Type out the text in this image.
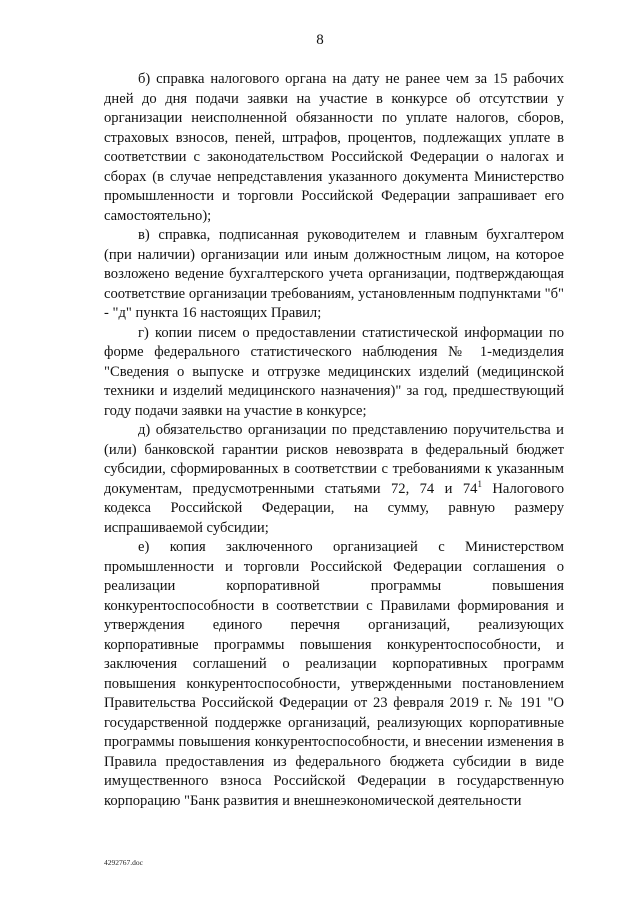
8

б) справка налогового органа на дату не ранее чем за 15 рабочих дней до дня подачи заявки на участие в конкурсе об отсутствии у организации неисполненной обязанности по уплате налогов, сборов, страховых взносов, пеней, штрафов, процентов, подлежащих уплате в соответствии с законодательством Российской Федерации о налогах и сборах (в случае непредставления указанного документа Министерство промышленности и торговли Российской Федерации запрашивает его самостоятельно);

в) справка, подписанная руководителем и главным бухгалтером (при наличии) организации или иным должностным лицом, на которое возложено ведение бухгалтерского учета организации, подтверждающая соответствие организации требованиям, установленным подпунктами "б" - "д" пункта 16 настоящих Правил;

г) копии писем о предоставлении статистической информации по форме федерального статистического наблюдения № 1-медизделия "Сведения о выпуске и отгрузке медицинских изделий (медицинской техники и изделий медицинского назначения)" за год, предшествующий году подачи заявки на участие в конкурсе;

д) обязательство организации по представлению поручительства и (или) банковской гарантии рисков невозврата в федеральный бюджет субсидии, сформированных в соответствии с требованиями к указанным документам, предусмотренными статьями 72, 74 и $74^1$ Налогового кодекса Российской Федерации, на сумму, равную размеру испрашиваемой субсидии;

е) копия заключенного организацией с Министерством промышленности и торговли Российской Федерации соглашения о реализации корпоративной программы повышения конкурентоспособности в соответствии с Правилами формирования и утверждения единого перечня организаций, реализующих корпоративные программы повышения конкурентоспособности, и заключения соглашений о реализации корпоративных программ повышения конкурентоспособности, утвержденными постановлением Правительства Российской Федерации от 23 февраля 2019 г. № 191 "О государственной поддержке организаций, реализующих корпоративные программы повышения конкурентоспособности, и внесении изменения в Правила предоставления из федерального бюджета субсидии в виде имущественного взноса Российской Федерации в государственную корпорацию "Банк развития и внешнеэкономической деятельности

4292767.doc
